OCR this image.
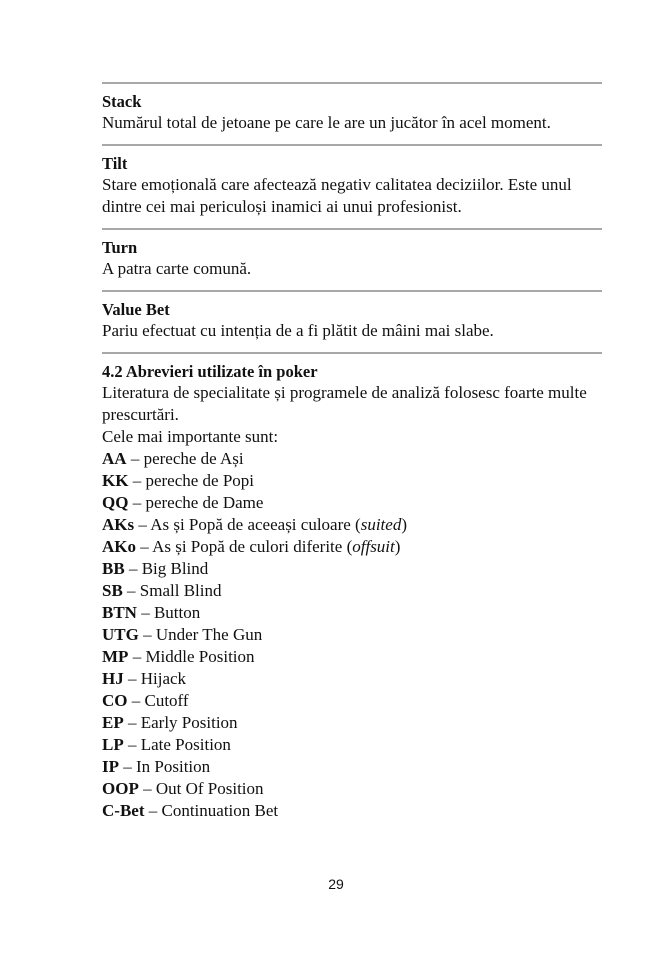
Stack
Numărul total de jetoane pe care le are un jucător în acel moment.
Tilt
Stare emoțională care afectează negativ calitatea deciziilor. Este unul dintre cei mai periculoși inamici ai unui profesionist.
Turn
A patra carte comună.
Value Bet
Pariu efectuat cu intenția de a fi plătit de mâini mai slabe.
4.2 Abrevieri utilizate în poker
Literatura de specialitate și programele de analiză folosesc foarte multe prescurtări.
Cele mai importante sunt:
AA – pereche de Ași
KK – pereche de Popi
QQ – pereche de Dame
AKs – As și Popă de aceeași culoare (suited)
AKo – As și Popă de culori diferite (offsuit)
BB – Big Blind
SB – Small Blind
BTN – Button
UTG – Under The Gun
MP – Middle Position
HJ – Hijack
CO – Cutoff
EP – Early Position
LP – Late Position
IP – In Position
OOP – Out Of Position
C-Bet – Continuation Bet
29
